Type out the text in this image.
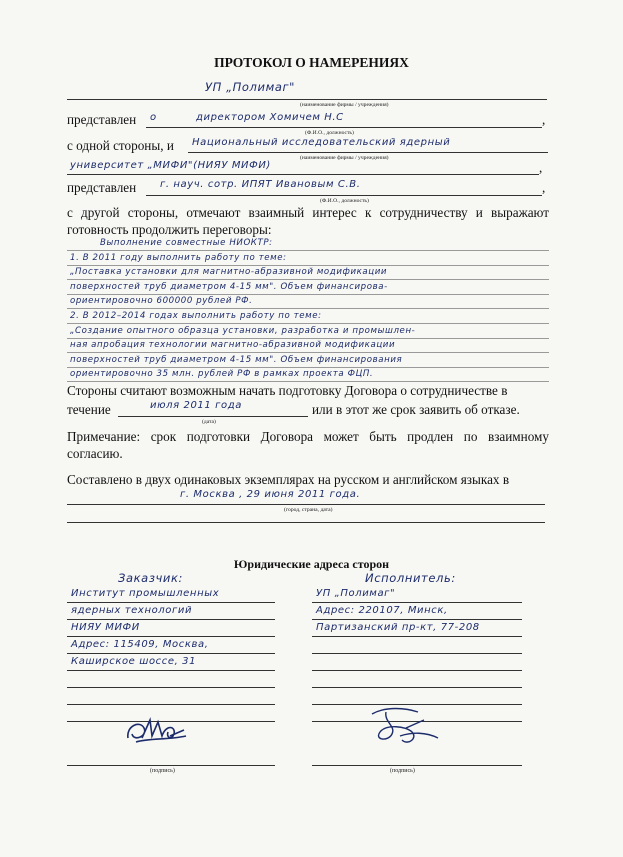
ПРОТОКОЛ О НАМЕРЕНИЯХ
УП „Полимаг"
(наименование фирмы / учреждения)
представлен о	директором Хомичем Н.С	,
(Ф.И.О., должность)
с одной стороны, и Национальный исследовательский ядерный
(наименование фирмы / учреждения)
университет „МИФИ"(НИЯУ МИФИ)	,
представлен г. науч. сотр. ИПЯТ Ивановым С.В.	,
(Ф.И.О., должность)
с другой стороны, отмечают взаимный интерес к сотрудничеству и выражают готовность продолжить переговоры:
Выполнение совместные НИОКТР:
1. В 2011 году выполнить работу по теме:
„Поставка установки для магнитно-абразивной модификации
поверхностей труб диаметром 4-15 мм". Объем финансирова-
ориентировочно 600000 рублей РФ.
2. В 2012–2014 годах выполнить работу по теме:
„Создание опытного образца установки, разработка и промышлен-
ная апробация технологии магнитно-абразивной модификации
поверхностей труб диаметром 4-15 мм". Объем финансирования
ориентировочно 35 млн. рублей РФ в рамках проекта ФЦП.
Стороны считают возможным начать подготовку Договора о сотрудничестве в
течение	июля 2011 года	или в этот же срок заявить об отказе.
(дата)
Примечание: срок подготовки Договора может быть продлен по взаимному согласию.
Составлено в двух одинаковых экземплярах на русском и английском языках в
г. Москва , 29 июня 2011 года.
(город, страна, дата)
Юридические адреса сторон
Заказчик:
Институт промышленных
ядерных технологий
НИЯУ МИФИ
Адрес: 115409, Москва,
Каширское шоссе, 31
Исполнитель:
УП „Полимаг"
Адрес: 220107, Минск,
Партизанский пр-кт, 77-208
(подпись)	(подпись)
